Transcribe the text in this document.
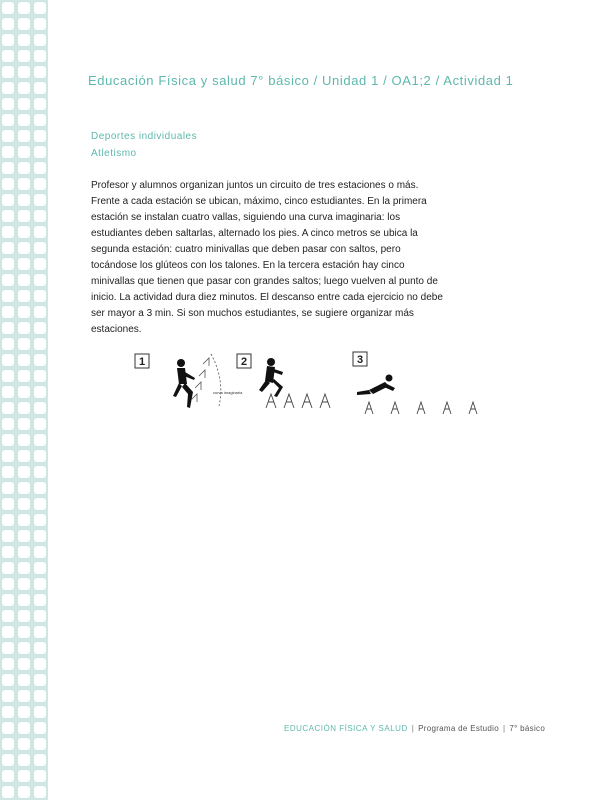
Educación Física y salud 7° básico / Unidad 1 / OA1;2 / Actividad 1
Deportes individuales
Atletismo
Profesor y alumnos organizan juntos un circuito de tres estaciones o más. Frente a cada estación se ubican, máximo, cinco estudiantes. En la primera estación se instalan cuatro vallas, siguiendo una curva imaginaria: los estudiantes deben saltarlas, alternado los pies. A cinco metros se ubica la segunda estación: cuatro minivallas que deben pasar con saltos, pero tocándose los glúteos con los talones. En la tercera estación hay cinco minivallas que tienen que pasar con grandes saltos; luego vuelven al punto de inicio. La actividad dura diez minutos. El descanso entre cada ejercicio no debe ser mayor a 3 min. Si son muchos estudiantes, se sugiere organizar más estaciones.
1
curva imaginaria
2	3
EDUCACIÓN FÍSICA Y SALUD | Programa de Estudio | 7° básico
